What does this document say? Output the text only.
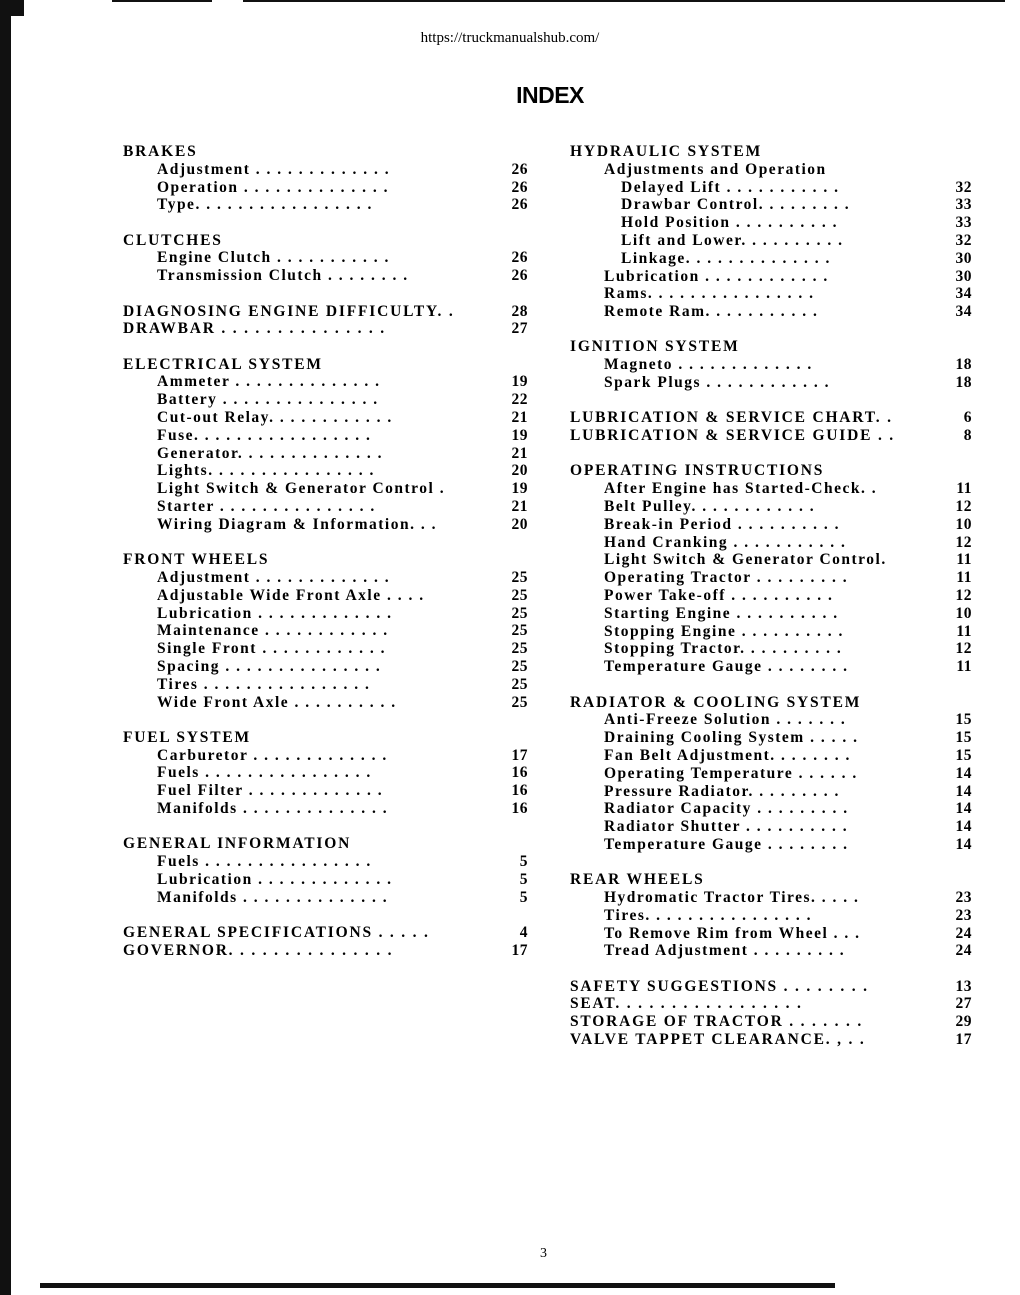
https://truckmanualshub.com/
INDEX
BRAKES
Adjustment . . . . . . . . . . . . .	26
Operation . . . . . . . . . . . . . .	26
Type. . . . . . . . . . . . . . . . .	26
CLUTCHES
Engine Clutch . . . . . . . . . . .	26
Transmission Clutch . . . . . . . .	26
DIAGNOSING ENGINE DIFFICULTY. .	28
DRAWBAR . . . . . . . . . . . . . . .	27
ELECTRICAL SYSTEM
Ammeter . . . . . . . . . . . . . .	19
Battery . . . . . . . . . . . . . . .	22
Cut-out Relay. . . . . . . . . . . .	21
Fuse. . . . . . . . . . . . . . . . .	19
Generator. . . . . . . . . . . . . .	21
Lights. . . . . . . . . . . . . . . .	20
Light Switch & Generator Control .	19
Starter . . . . . . . . . . . . . . .	21
Wiring Diagram & Information. . .	20
FRONT WHEELS
Adjustment . . . . . . . . . . . . .	25
Adjustable Wide Front Axle . . . .	25
Lubrication . . . . . . . . . . . . .	25
Maintenance . . . . . . . . . . . .	25
Single Front . . . . . . . . . . . .	25
Spacing . . . . . . . . . . . . . . .	25
Tires . . . . . . . . . . . . . . . .	25
Wide Front Axle . . . . . . . . . .	25
FUEL SYSTEM
Carburetor . . . . . . . . . . . . .	17
Fuels . . . . . . . . . . . . . . . .	16
Fuel Filter . . . . . . . . . . . . .	16
Manifolds . . . . . . . . . . . . . .	16
GENERAL INFORMATION
Fuels . . . . . . . . . . . . . . . .	5
Lubrication . . . . . . . . . . . . .	5
Manifolds . . . . . . . . . . . . . .	5
GENERAL SPECIFICATIONS . . . . .	4
GOVERNOR. . . . . . . . . . . . . . .	17
HYDRAULIC SYSTEM
Adjustments and Operation
Delayed Lift . . . . . . . . . . .	32
Drawbar Control. . . . . . . . .	33
Hold Position . . . . . . . . . .	33
Lift and Lower. . . . . . . . . .	32
Linkage. . . . . . . . . . . . . .	30
Lubrication . . . . . . . . . . . .	30
Rams. . . . . . . . . . . . . . . .	34
Remote Ram. . . . . . . . . . .	34
IGNITION SYSTEM
Magneto . . . . . . . . . . . . .	18
Spark Plugs . . . . . . . . . . . .	18
LUBRICATION & SERVICE CHART. .	6
LUBRICATION & SERVICE GUIDE . .	8
OPERATING INSTRUCTIONS
After Engine has Started-Check. .	11
Belt Pulley. . . . . . . . . . . .	12
Break-in Period . . . . . . . . . .	10
Hand Cranking . . . . . . . . . . .	12
Light Switch & Generator Control.	11
Operating Tractor . . . . . . . . .	11
Power Take-off . . . . . . . . . .	12
Starting Engine . . . . . . . . . .	10
Stopping Engine . . . . . . . . . .	11
Stopping Tractor. . . . . . . . . .	12
Temperature Gauge . . . . . . . .	11
RADIATOR & COOLING SYSTEM
Anti-Freeze Solution . . . . . . .	15
Draining Cooling System . . . . .	15
Fan Belt Adjustment. . . . . . . .	15
Operating Temperature . . . . . .	14
Pressure Radiator. . . . . . . . .	14
Radiator Capacity . . . . . . . . .	14
Radiator Shutter . . . . . . . . . .	14
Temperature Gauge . . . . . . . .	14
REAR WHEELS
Hydromatic Tractor Tires. . . . .	23
Tires. . . . . . . . . . . . . . . .	23
To Remove Rim from Wheel . . .	24
Tread Adjustment . . . . . . . . .	24
SAFETY SUGGESTIONS . . . . . . . .	13
SEAT. . . . . . . . . . . . . . . . .	27
STORAGE OF TRACTOR . . . . . . .	29
VALVE TAPPET CLEARANCE. , . .	17
3
